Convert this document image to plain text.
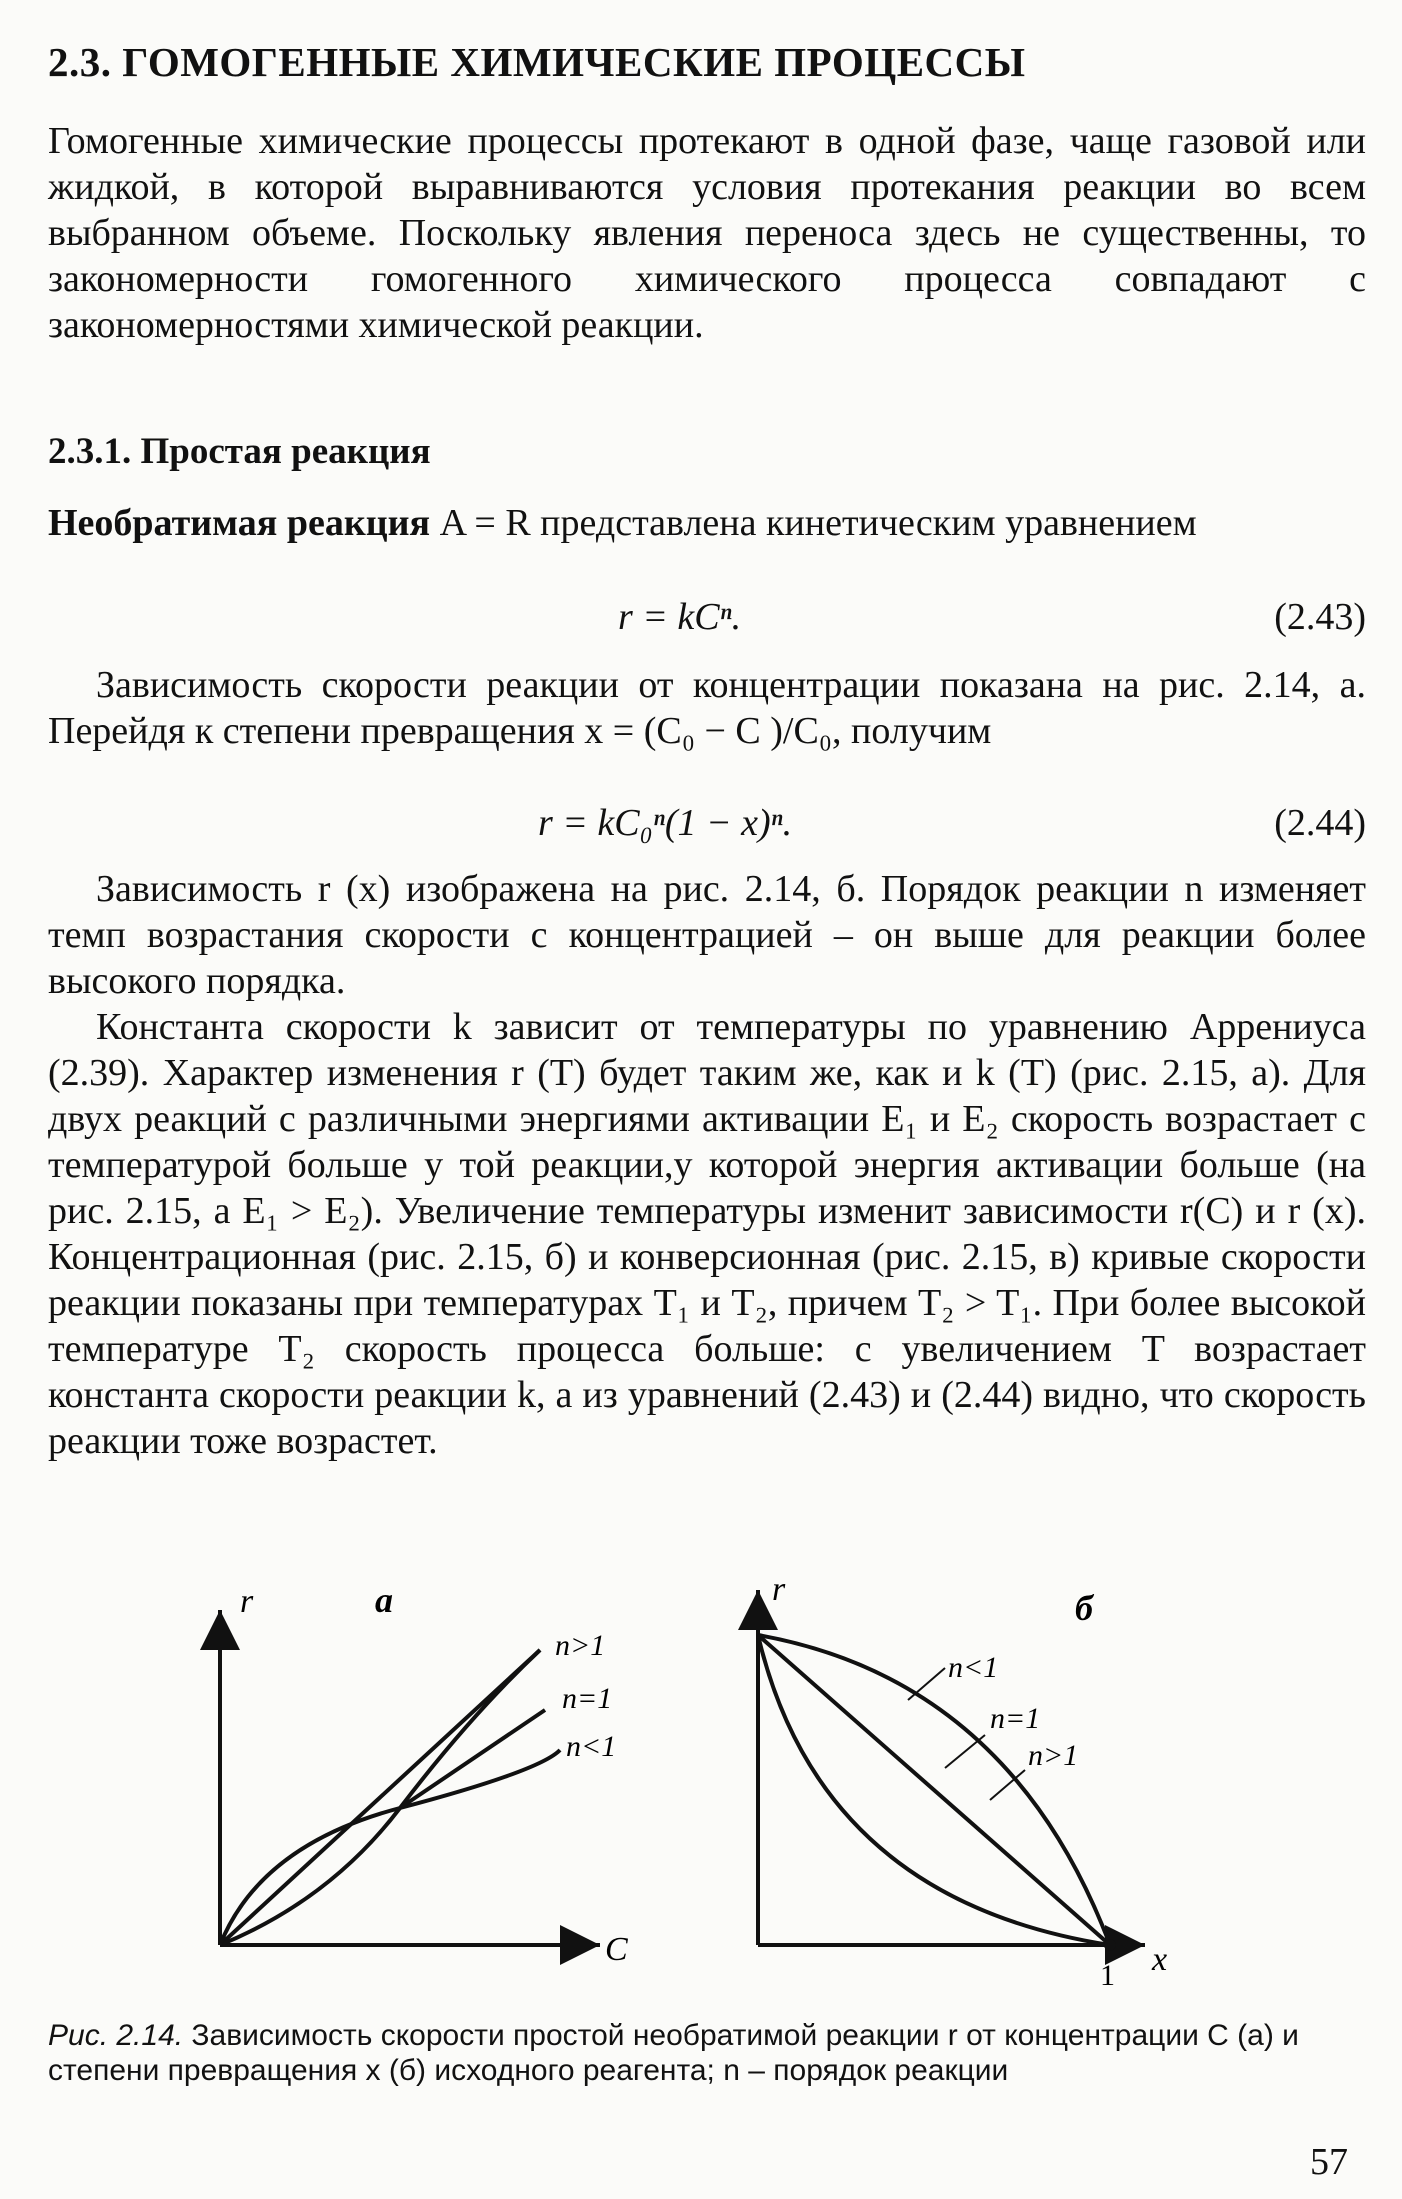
2.3. ГОМОГЕННЫЕ ХИМИЧЕСКИЕ ПРОЦЕССЫ

Гомогенные химические процессы протекают в одной фазе, чаще газовой или жидкой, в которой выравниваются условия протекания реакции во всем выбранном объеме. Поскольку явления переноса здесь не существенны, то закономерности гомогенного химического процесса совпадают с закономерностями химической реакции.

2.3.1. Простая реакция

Необратимая реакция A = R представлена кинетическим уравнением

r = kCⁿ.	(2.43)

Зависимость скорости реакции от концентрации показана на рис. 2.14, а. Перейдя к степени превращения x = (C₀ − C )/C₀, получим

r = kC₀ⁿ(1 − x)ⁿ.	(2.44)

Зависимость r (x) изображена на рис. 2.14, б. Порядок реакции n изменяет темп возрастания скорости с концентрацией – он выше для реакции более высокого порядка.

Константа скорости k зависит от температуры по уравнению Аррениуса (2.39). Характер изменения r (T) будет таким же, как и k (T) (рис. 2.15, а). Для двух реакций с различными энергиями активации E₁ и E₂ скорость возрастает с температурой больше у той реакции,у которой энергия активации больше (на рис. 2.15, а E₁ > E₂). Увеличение температуры изменит зависимости r(C) и r (x). Концентрационная (рис. 2.15, б) и конверсионная (рис. 2.15, в) кривые скорости реакции показаны при температурах T₁ и T₂, причем T₂ > T₁. При более высокой температуре T₂ скорость процесса больше: с увеличением T возрастает константа скорости реакции k, а из уравнений (2.43) и (2.44) видно, что скорость реакции тоже возрастет.

r	а
C
n>1
n=1
n<1
r	б
x
1
n<1
n=1
n>1

Рис. 2.14. Зависимость скорости простой необратимой реакции r от концентрации C (а) и степени превращения x (б) исходного реагента; n – порядок реакции

57
